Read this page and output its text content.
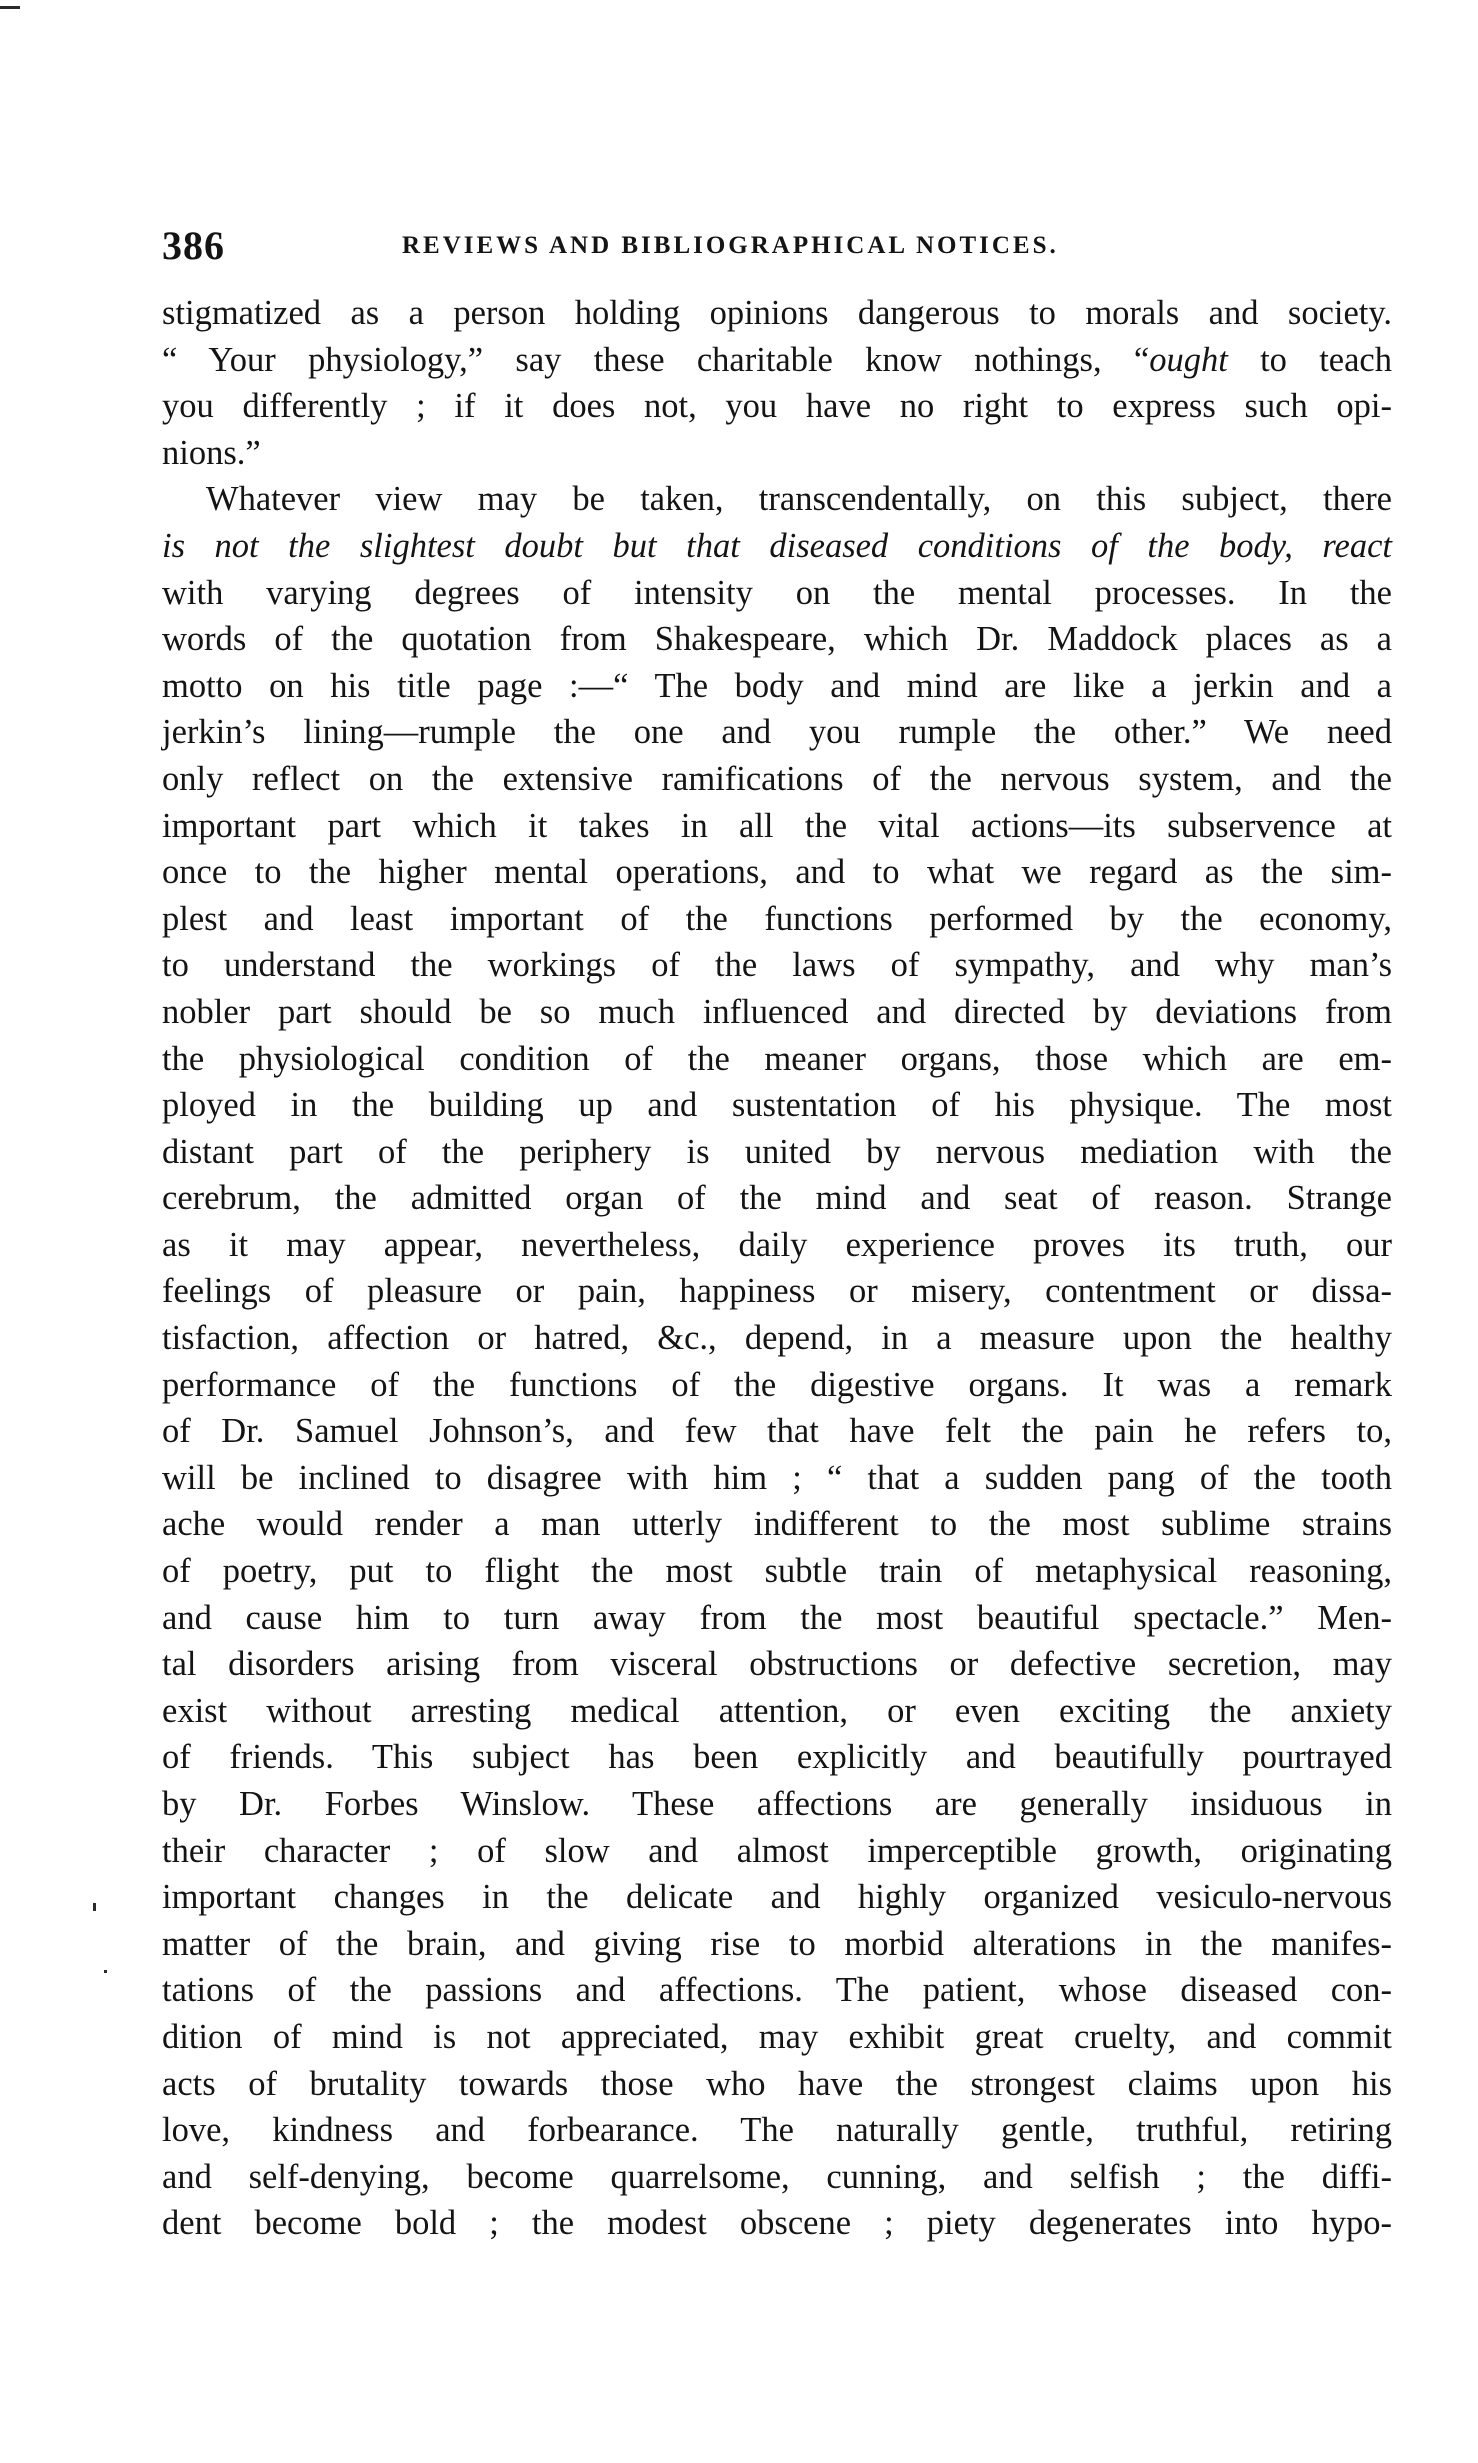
386	REVIEWS AND BIBLIOGRAPHICAL NOTICES.
stigmatized as a person holding opinions dangerous to morals and society.
“ Your physiology,” say these charitable know nothings, “ought to teach
you differently ; if it does not, you have no right to express such opi-
nions.”
Whatever view may be taken, transcendentally, on this subject, there
is not the slightest doubt but that diseased conditions of the body, react
with varying degrees of intensity on the mental processes. In the
words of the quotation from Shakespeare, which Dr. Maddock places as a
motto on his title page :—“ The body and mind are like a jerkin and a
jerkin’s lining—rumple the one and you rumple the other.” We need
only reflect on the extensive ramifications of the nervous system, and the
important part which it takes in all the vital actions—its subservence at
once to the higher mental operations, and to what we regard as the sim-
plest and least important of the functions performed by the economy,
to understand the workings of the laws of sympathy, and why man’s
nobler part should be so much influenced and directed by deviations from
the physiological condition of the meaner organs, those which are em-
ployed in the building up and sustentation of his physique. The most
distant part of the periphery is united by nervous mediation with the
cerebrum, the admitted organ of the mind and seat of reason. Strange
as it may appear, nevertheless, daily experience proves its truth, our
feelings of pleasure or pain, happiness or misery, contentment or dissa-
tisfaction, affection or hatred, &c., depend, in a measure upon the healthy
performance of the functions of the digestive organs. It was a remark
of Dr. Samuel Johnson’s, and few that have felt the pain he refers to,
will be inclined to disagree with him ; “ that a sudden pang of the tooth
ache would render a man utterly indifferent to the most sublime strains
of poetry, put to flight the most subtle train of metaphysical reasoning,
and cause him to turn away from the most beautiful spectacle.” Men-
tal disorders arising from visceral obstructions or defective secretion, may
exist without arresting medical attention, or even exciting the anxiety
of friends. This subject has been explicitly and beautifully pourtrayed
by Dr. Forbes Winslow. These affections are generally insiduous in
their character ; of slow and almost imperceptible growth, originating
important changes in the delicate and highly organized vesiculo-nervous
matter of the brain, and giving rise to morbid alterations in the manifes-
tations of the passions and affections. The patient, whose diseased con-
dition of mind is not appreciated, may exhibit great cruelty, and commit
acts of brutality towards those who have the strongest claims upon his
love, kindness and forbearance. The naturally gentle, truthful, retiring
and self-denying, become quarrelsome, cunning, and selfish ; the diffi-
dent become bold ; the modest obscene ; piety degenerates into hypo-
